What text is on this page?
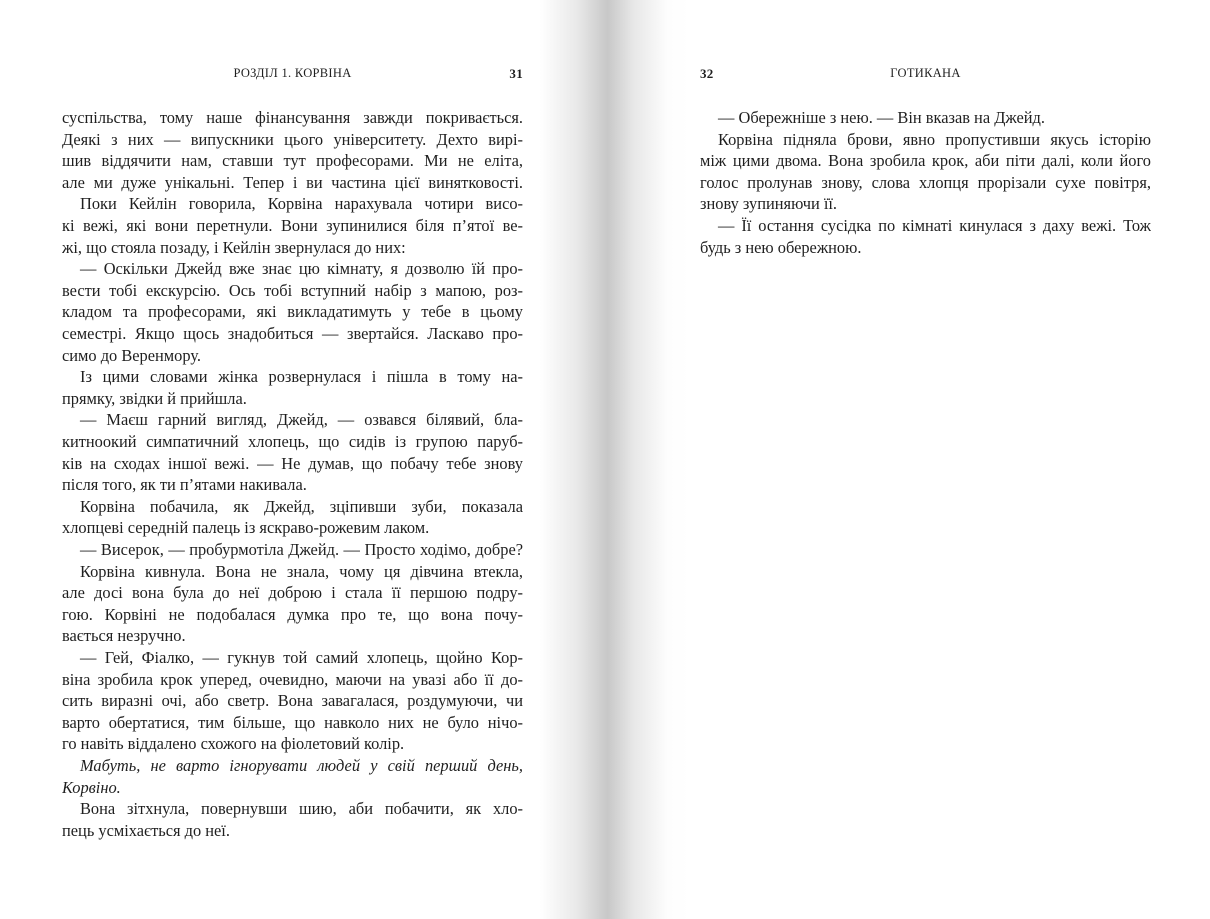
РОЗДІЛ 1. КОРВІНА	31
суспільства, тому наше фінансування завжди покривається.
Деякі з них — випускники цього університету. Дехто вирі-
шив віддячити нам, ставши тут професорами. Ми не еліта,
але ми дуже унікальні. Тепер і ви частина цієї винятковості.
Поки Кейлін говорила, Корвіна нарахувала чотири висо-
кі вежі, які вони перетнули. Вони зупинилися біля п’ятої ве-
жі, що стояла позаду, і Кейлін звернулася до них:
— Оскільки Джейд вже знає цю кімнату, я дозволю їй про-
вести тобі екскурсію. Ось тобі вступний набір з мапою, роз-
кладом та професорами, які викладатимуть у тебе в цьому
семестрі. Якщо щось знадобиться — звертайся. Ласкаво про-
симо до Веренмору.
Із цими словами жінка розвернулася і пішла в тому на-
прямку, звідки й прийшла.
— Маєш гарний вигляд, Джейд, — озвався білявий, бла-
китноокий симпатичний хлопець, що сидів із групою паруб-
ків на сходах іншої вежі. — Не думав, що побачу тебе знову
після того, як ти п’ятами накивала.
Корвіна побачила, як Джейд, зціпивши зуби, показала
хлопцеві середній палець із яскраво-рожевим лаком.
— Висерок, — пробурмотіла Джейд. — Просто ходімо, добре?
Корвіна кивнула. Вона не знала, чому ця дівчина втекла,
але досі вона була до неї доброю і стала її першою подру-
гою. Корвіні не подобалася думка про те, що вона почу-
вається незручно.
— Гей, Фіалко, — гукнув той самий хлопець, щойно Кор-
віна зробила крок уперед, очевидно, маючи на увазі або її до-
сить виразні очі, або светр. Вона завагалася, роздумуючи, чи
варто обертатися, тим більше, що навколо них не було нічо-
го навіть віддалено схожого на фіолетовий колір.
Мабуть, не варто ігнорувати людей у свій перший день,
Корвіно.
Вона зітхнула, повернувши шию, аби побачити, як хло-
пець усміхається до неї.
ГОТИКАНА
32
— Обережніше з нею. — Він вказав на Джейд.
Корвіна підняла брови, явно пропустивши якусь історію
між цими двома. Вона зробила крок, аби піти далі, коли його
голос пролунав знову, слова хлопця прорізали сухе повітря,
знову зупиняючи її.
— Її остання сусідка по кімнаті кинулася з даху вежі. Тож
будь з нею обережною.
